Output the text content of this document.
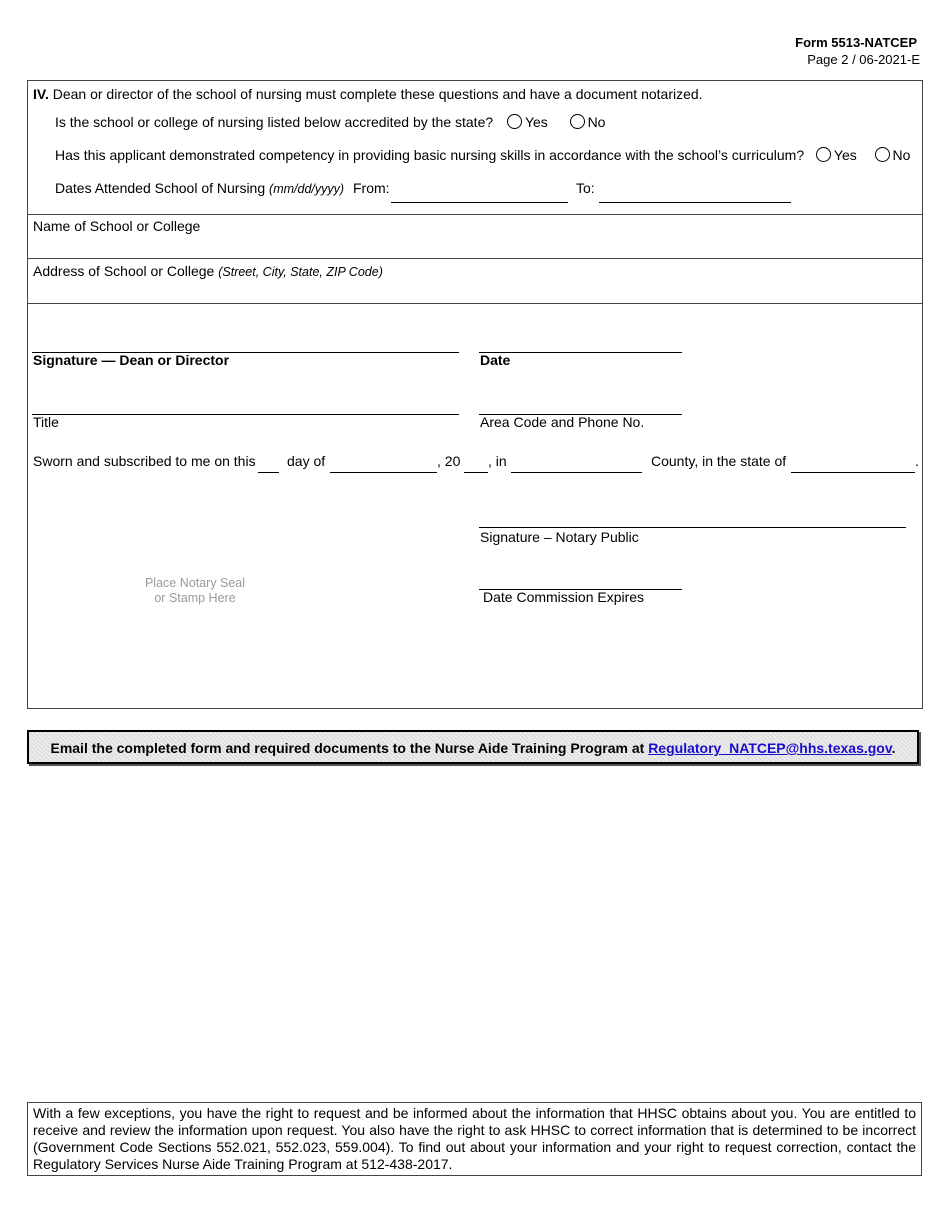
Form 5513-NATCEP
Page 2 / 06-2021-E
IV. Dean or director of the school of nursing must complete these questions and have a document notarized.
Is the school or college of nursing listed below accredited by the state? Yes	No
Has this applicant demonstrated competency in providing basic nursing skills in accordance with the school’s curriculum? Yes	No
Dates Attended School of Nursing (mm/dd/yyyy) From:	To:
Name of School or College
Address of School or College (Street, City, State, ZIP Code)
Signature — Dean or Director	Date
Title	Area Code and Phone No.
Sworn and subscribed to me on this day of	, 20 , in	County, in the state of	.
Signature – Notary Public
Place Notary Seal
or Stamp Here	Date Commission Expires
Email the completed form and required documents to the Nurse Aide Training Program at Regulatory_NATCEP@hhs.texas.gov.
With a few exceptions, you have the right to request and be informed about the information that HHSC obtains about you. You are entitled to receive and review the information upon request. You also have the right to ask HHSC to correct information that is determined to be incorrect (Government Code Sections 552.021, 552.023, 559.004). To find out about your information and your right to request correction, contact the Regulatory Services Nurse Aide Training Program at 512-438-2017.
